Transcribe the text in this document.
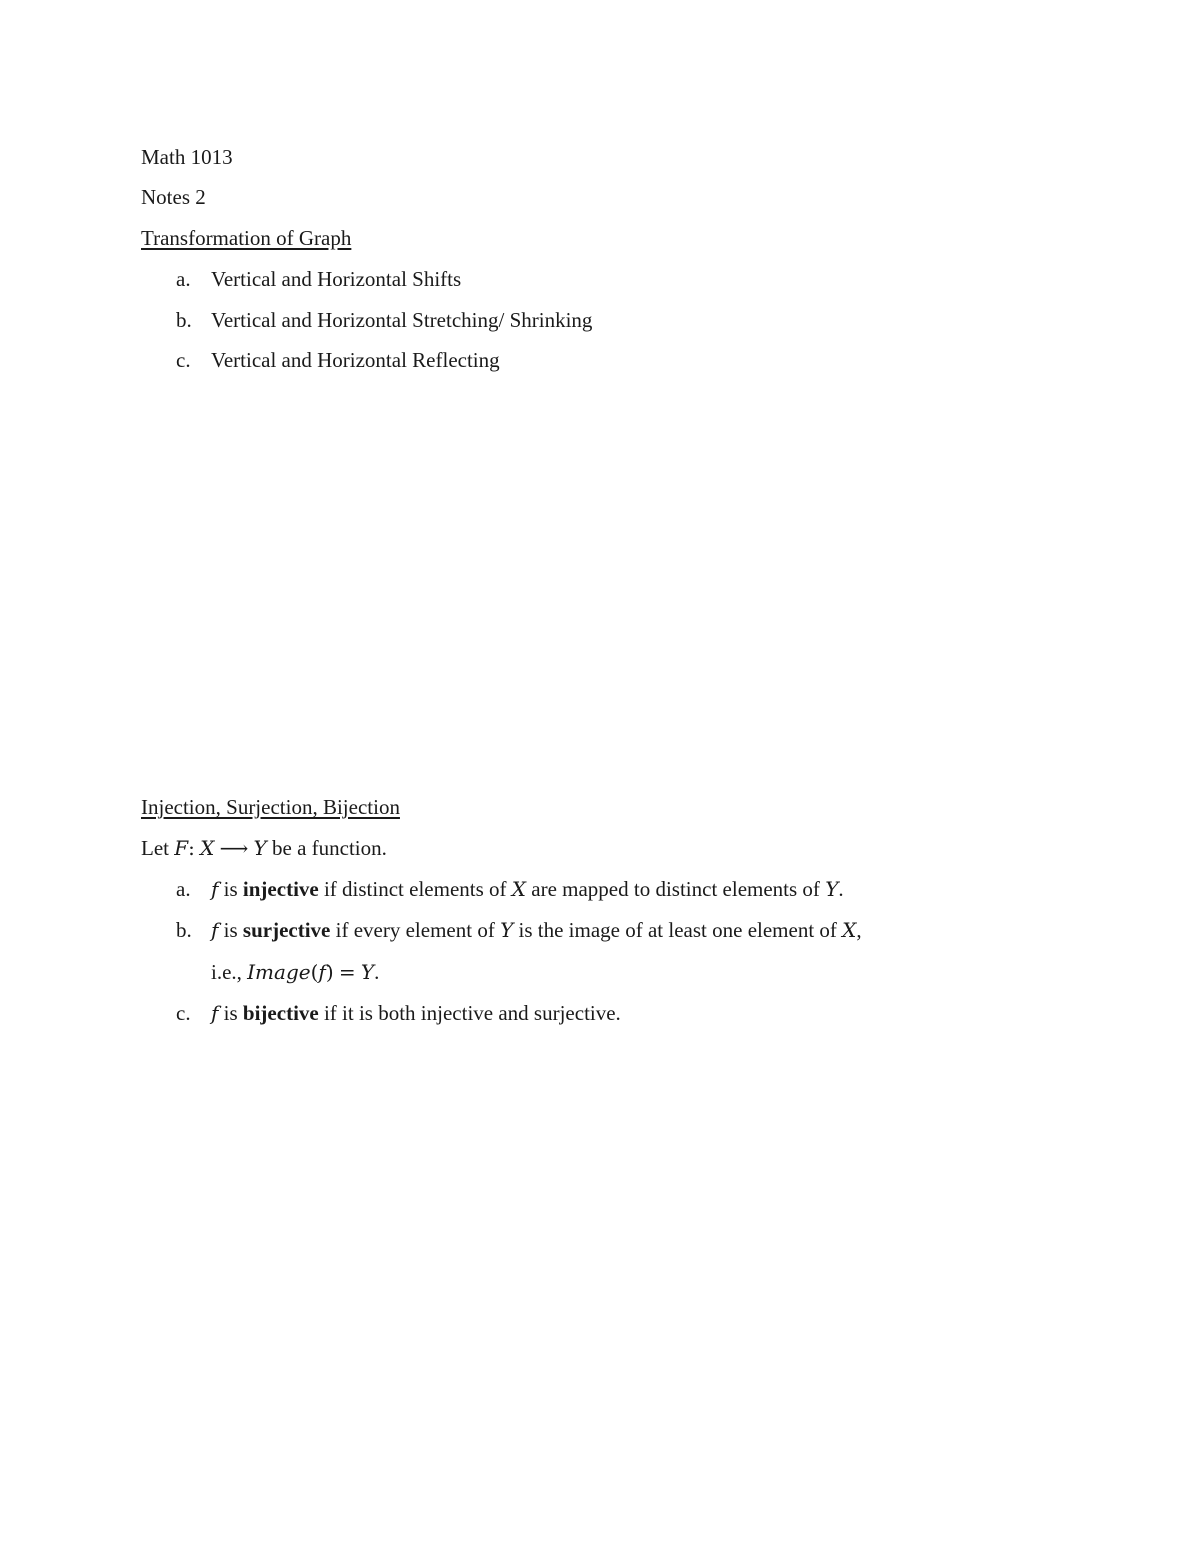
Math 1013
Notes 2
Transformation of Graph
a. Vertical and Horizontal Shifts
b. Vertical and Horizontal Stretching/ Shrinking
c. Vertical and Horizontal Reflecting
Injection, Surjection, Bijection
Let F: X ⟶ Y be a function.
a. f is injective if distinct elements of X are mapped to distinct elements of Y.
b. f is surjective if every element of Y is the image of at least one element of X,
i.e., Image(f) = Y.
c. f is bijective if it is both injective and surjective.
